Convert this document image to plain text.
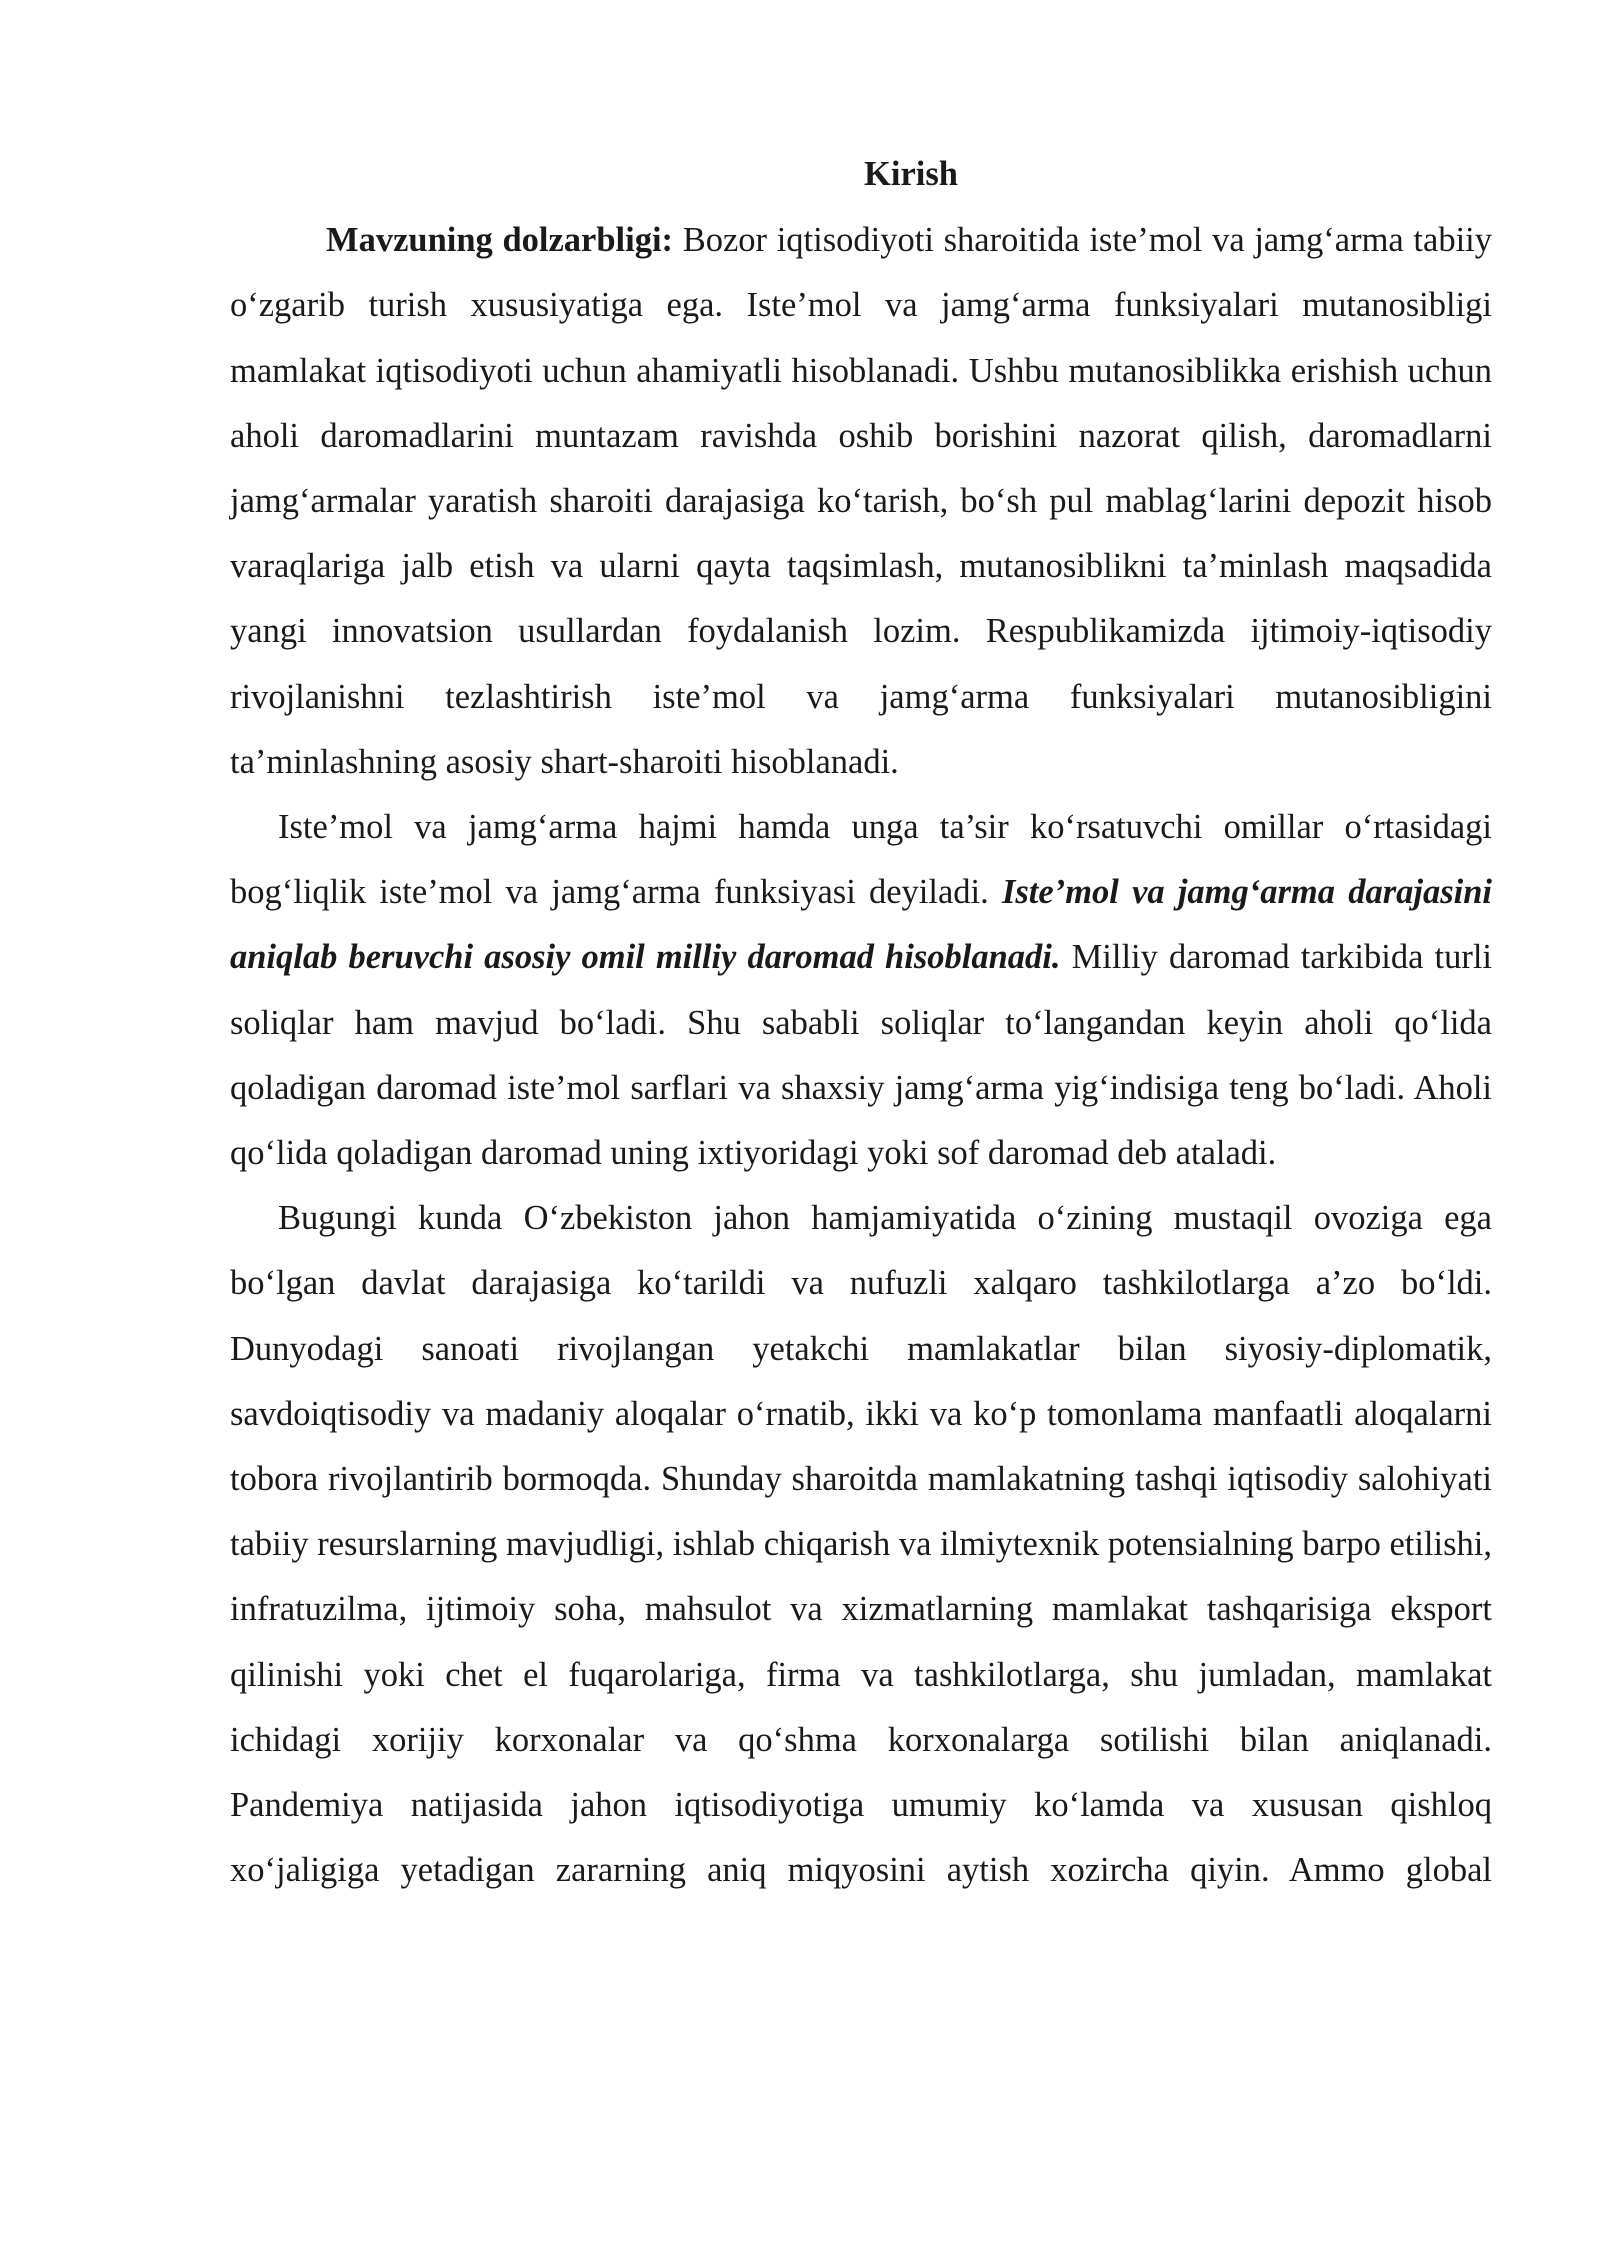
Kirish

Mavzuning dolzarbligi: Bozor iqtisodiyoti sharoitida iste’mol va jamg‘arma tabiiy o‘zgarib turish xususiyatiga ega. Iste’mol va jamg‘arma funksiyalari mutanosibligi mamlakat iqtisodiyoti uchun ahamiyatli hisoblanadi. Ushbu mutanosiblikka erishish uchun aholi daromadlarini muntazam ravishda oshib borishini nazorat qilish, daromadlarni jamg‘armalar yaratish sharoiti darajasiga ko‘tarish, bo‘sh pul mablag‘larini depozit hisob varaqlariga jalb etish va ularni qayta taqsimlash, mutanosiblikni ta’minlash maqsadida yangi innovatsion usullardan foydalanish lozim. Respublikamizda ijtimoiy-iqtisodiy rivojlanishni tezlashtirish iste’mol va jamg‘arma funksiyalari mutanosibligini ta’minlashning asosiy shart-sharoiti hisoblanadi.

Iste’mol va jamg‘arma hajmi hamda unga ta’sir ko‘rsatuvchi omillar o‘rtasidagi bog‘liqlik iste’mol va jamg‘arma funksiyasi deyiladi. Iste’mol va jamg‘arma darajasini aniqlab beruvchi asosiy omil milliy daromad hisoblanadi. Milliy daromad tarkibida turli soliqlar ham mavjud bo‘ladi. Shu sababli soliqlar to‘langandan keyin aholi qo‘lida qoladigan daromad iste’mol sarflari va shaxsiy jamg‘arma yig‘indisiga teng bo‘ladi. Aholi qo‘lida qoladigan daromad uning ixtiyoridagi yoki sof daromad deb ataladi.

Bugungi kunda O‘zbekiston jahon hamjamiyatida o‘zining mustaqil ovoziga ega bo‘lgan davlat darajasiga ko‘tarildi va nufuzli xalqaro tashkilotlarga a’zo bo‘ldi. Dunyodagi sanoati rivojlangan yetakchi mamlakatlar bilan siyosiy-diplomatik, savdoiqtisodiy va madaniy aloqalar o‘rnatib, ikki va ko‘p tomonlama manfaatli aloqalarni tobora rivojlantirib bormoqda. Shunday sharoitda mamlakatning tashqi iqtisodiy salohiyati tabiiy resurslarning mavjudligi, ishlab chiqarish va ilmiytexnik potensialning barpo etilishi, infratuzilma, ijtimoiy soha, mahsulot va xizmatlarning mamlakat tashqarisiga eksport qilinishi yoki chet el fuqarolariga, firma va tashkilotlarga, shu jumladan, mamlakat ichidagi xorijiy korxonalar va qo‘shma korxonalarga sotilishi bilan aniqlanadi.

Pandemiya natijasida jahon iqtisodiyotiga umumiy ko‘lamda va xususan qishloq xo‘jaligiga yetadigan zararning aniq miqyosini aytish xozircha qiyin. Ammo global
